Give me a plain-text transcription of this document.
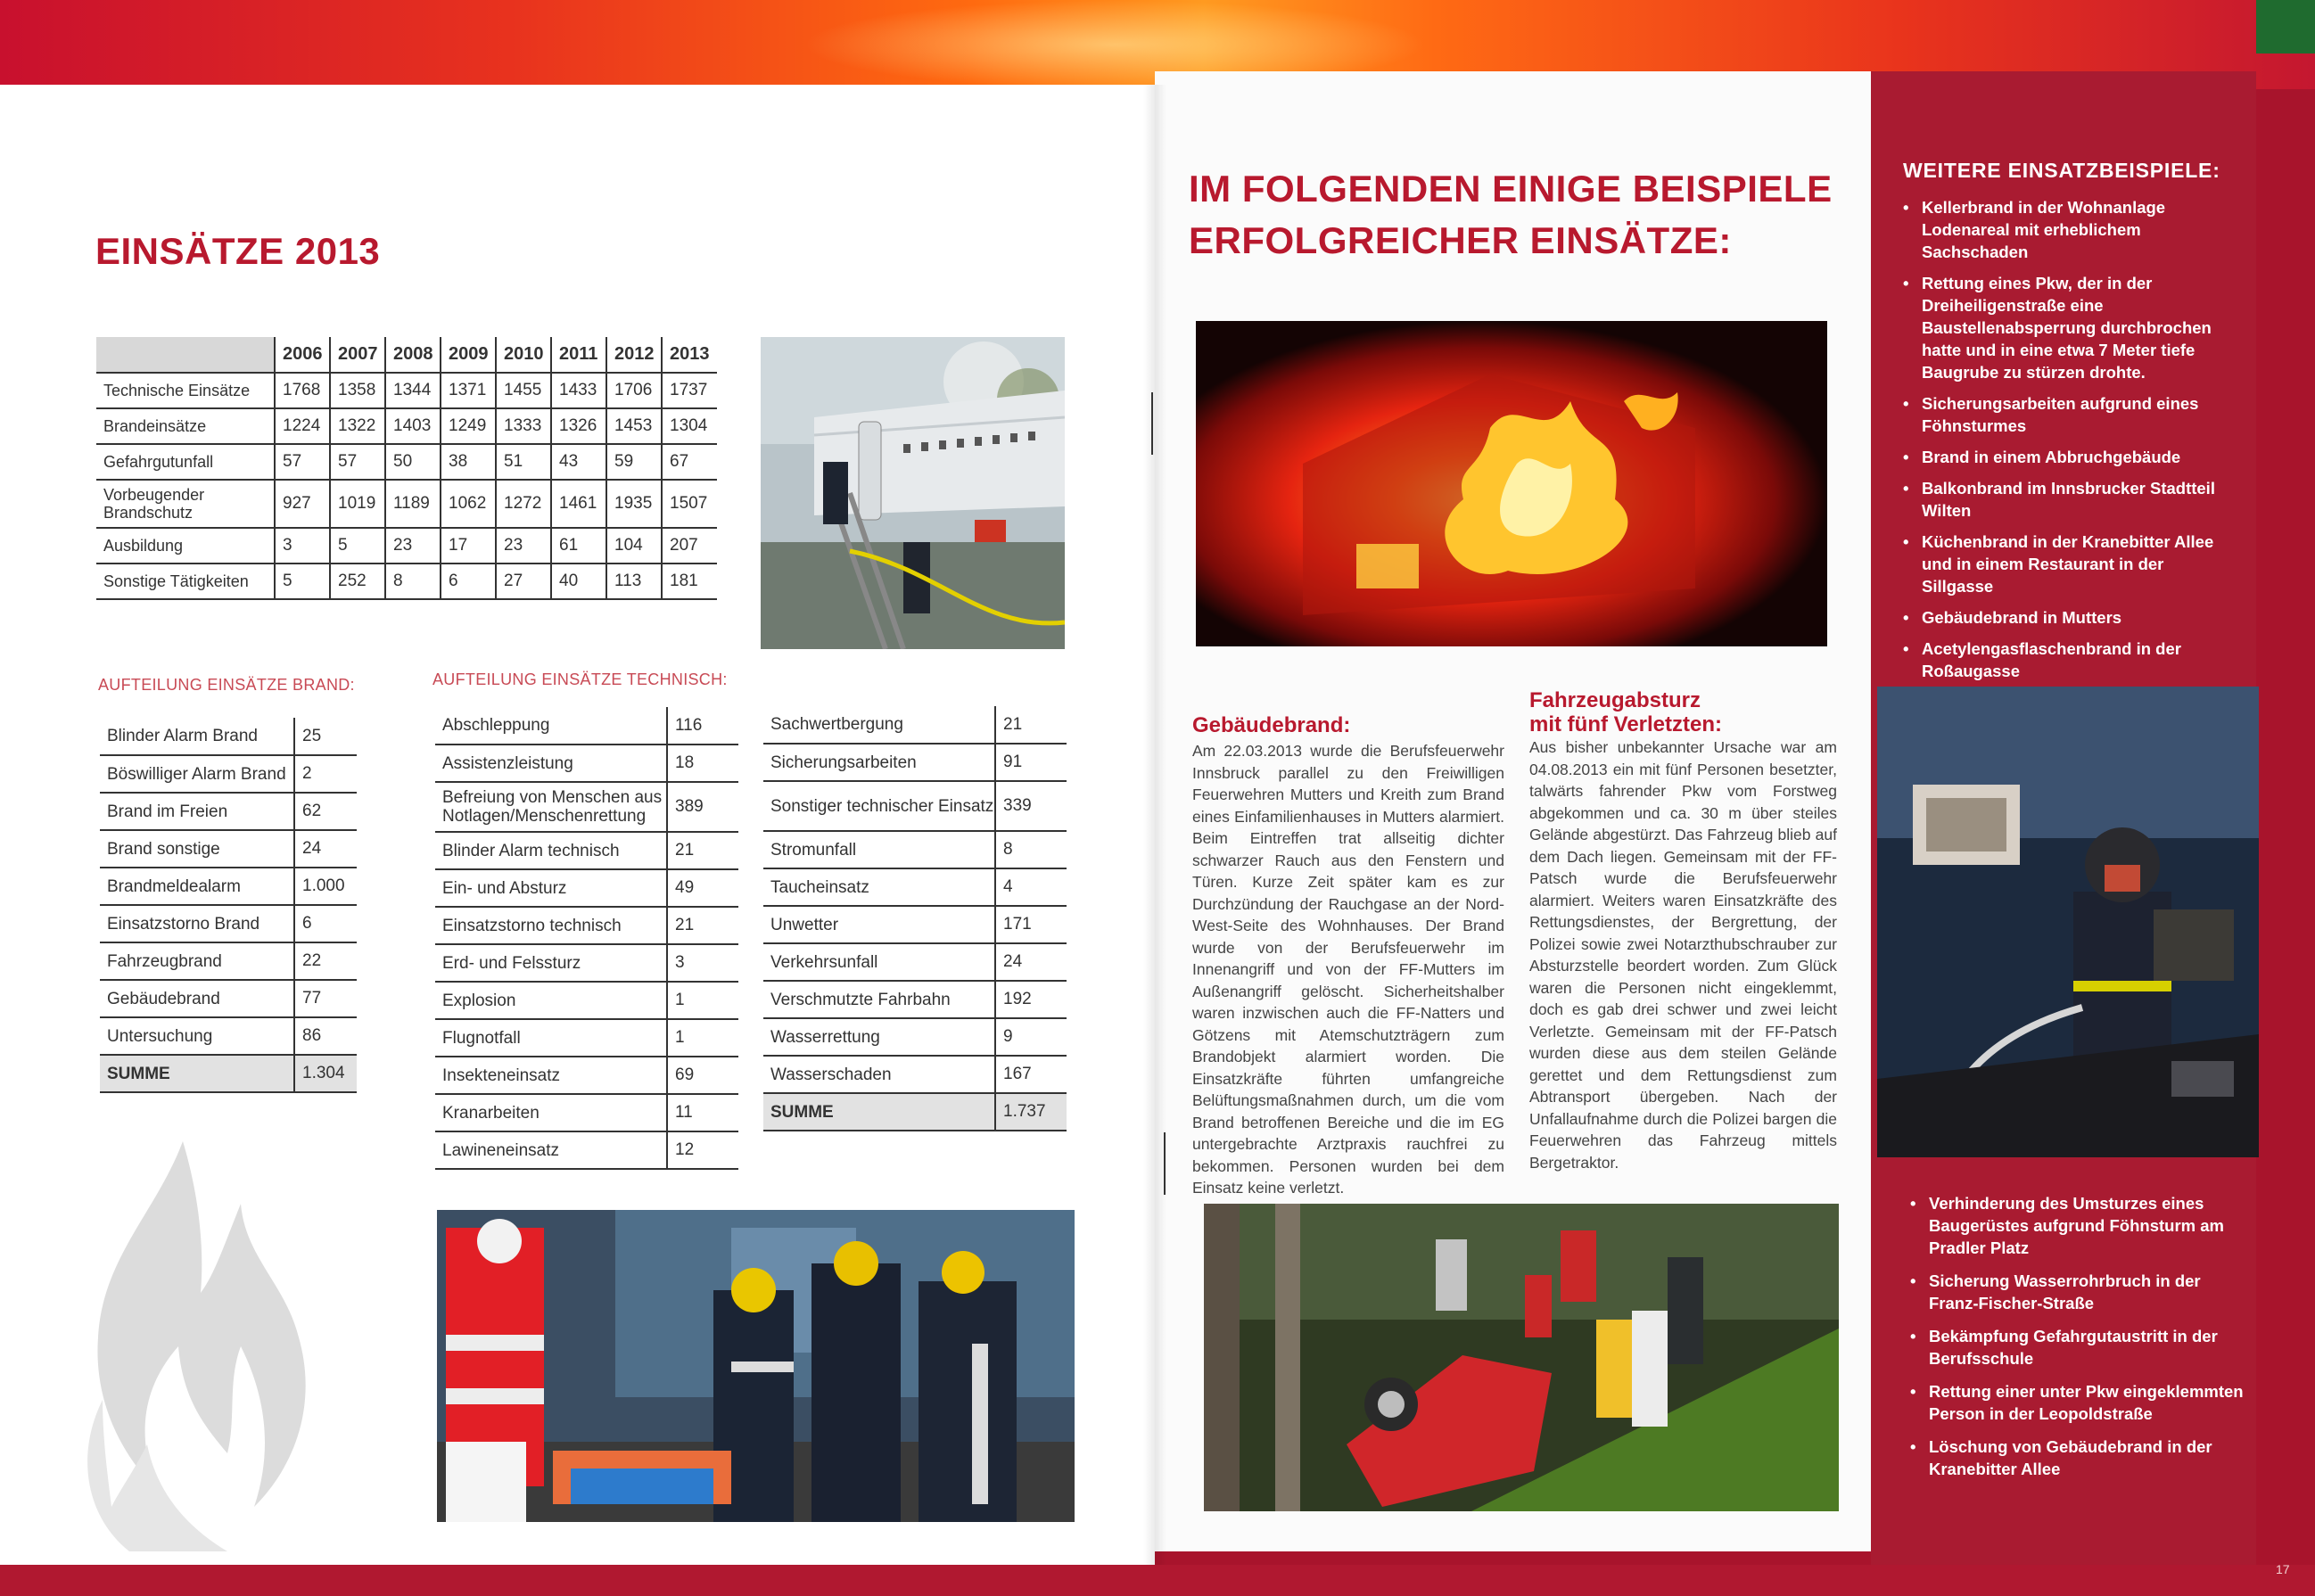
EINSÄTZE 2013
	2006	2007	2008	2009	2010	2011	2012	2013
Technische Einsätze	1768	1358	1344	1371	1455	1433	1706	1737
Brandeinsätze	1224	1322	1403	1249	1333	1326	1453	1304
Gefahrgutunfall	57	57	50	38	51	43	59	67
Vorbeugender Brandschutz	927	1019	1189	1062	1272	1461	1935	1507
Ausbildung	3	5	23	17	23	61	104	207
Sonstige Tätigkeiten	5	252	8	6	27	40	113	181
AUFTEILUNG EINSÄTZE BRAND:	AUFTEILUNG EINSÄTZE TECHNISCH:
Blinder Alarm Brand	25
Böswilliger Alarm Brand	2
Brand im Freien	62
Brand sonstige	24
Brandmeldealarm	1.000
Einsatzstorno Brand	6
Fahrzeugbrand	22
Gebäudebrand	77
Untersuchung	86
SUMME	1.304
Abschleppung	116
Assistenzleistung	18
Befreiung von Menschen aus Notlagen/Menschenrettung	389
Blinder Alarm technisch	21
Ein- und Absturz	49
Einsatzstorno technisch	21
Erd- und Felssturz	3
Explosion	1
Flugnotfall	1
Insekteneinsatz	69
Kranarbeiten	11
Lawineneinsatz	12
Sachwertbergung	21
Sicherungsarbeiten	91
Sonstiger technischer Einsatz	339
Stromunfall	8
Taucheinsatz	4
Unwetter	171
Verkehrsunfall	24
Verschmutzte Fahrbahn	192
Wasserrettung	9
Wasserschaden	167
SUMME	1.737
IM FOLGENDEN EINIGE BEISPIELE
ERFOLGREICHER EINSÄTZE:
Gebäudebrand:

Am 22.03.2013 wurde die Berufsfeuerwehr Innsbruck parallel zu den Freiwilligen Feuerwehren Mutters und Kreith zum Brand eines Einfamilienhauses in Mutters alarmiert. Beim Eintreffen trat allseitig dichter schwarzer Rauch aus den Fenstern und Türen. Kurze Zeit später kam es zur Durchzündung der Rauchgase an der Nord-West-Seite des Wohnhauses. Der Brand wurde von der Berufsfeuerwehr im Innenangriff und von der FF-Mutters im Außenangriff gelöscht. Sicherheitshalber waren inzwischen auch die FF-Natters und Götzens mit Atemschutzträgern zum Brandobjekt alarmiert worden. Die Einsatzkräfte führten umfangreiche Belüftungsmaßnahmen durch, um die vom Brand betroffenen Bereiche und die im EG untergebrachte Arztpraxis rauchfrei zu bekommen. Personen wurden bei dem Einsatz keine verletzt.

Fahrzeugabsturz
mit fünf Verletzten:

Aus bisher unbekannter Ursache war am 04.08.2013 ein mit fünf Personen besetzter, talwärts fahrender Pkw vom Forstweg abgekommen und ca. 30 m über steiles Gelände abgestürzt. Das Fahrzeug blieb auf dem Dach liegen. Gemeinsam mit der FF-Patsch wurde die Berufsfeuerwehr alarmiert. Weiters waren Einsatzkräfte des Rettungsdienstes, der Bergrettung, der Polizei sowie zwei Notarzthubschrauber zur Absturzstelle beordert worden. Zum Glück waren die Personen nicht eingeklemmt, doch es gab drei schwer und zwei leicht Verletzte. Gemeinsam mit der FF-Patsch wurden diese aus dem steilen Gelände gerettet und dem Rettungsdienst zum Abtransport übergeben. Nach der Unfallaufnahme durch die Polizei bargen die Feuerwehren das Fahrzeug mittels Bergetraktor.

WEITERE EINSATZBEISPIELE:
• Kellerbrand in der Wohnanlage Lodenareal mit erheblichem Sachschaden
• Rettung eines Pkw, der in der Dreiheiligenstraße eine Baustellenabsperrung durchbrochen hatte und in eine etwa 7 Meter tiefe Baugrube zu stürzen drohte.
• Sicherungsarbeiten aufgrund eines Föhnsturmes
• Brand in einem Abbruchgebäude
• Balkonbrand im Innsbrucker Stadtteil Wilten
• Küchenbrand in der Kranebitter Allee und in einem Restaurant in der Sillgasse
• Gebäudebrand in Mutters
• Acetylengasflaschenbrand in der Roßaugasse
• Verhinderung des Umsturzes eines Baugerüstes aufgrund Föhnsturm am Pradler Platz
• Sicherung Wasserrohrbruch in der Franz-Fischer-Straße
• Bekämpfung Gefahrgutaustritt in der Berufsschule
• Rettung einer unter Pkw eingeklemmten Person in der Leopoldstraße
• Löschung von Gebäudebrand in der Kranebitter Allee
17
